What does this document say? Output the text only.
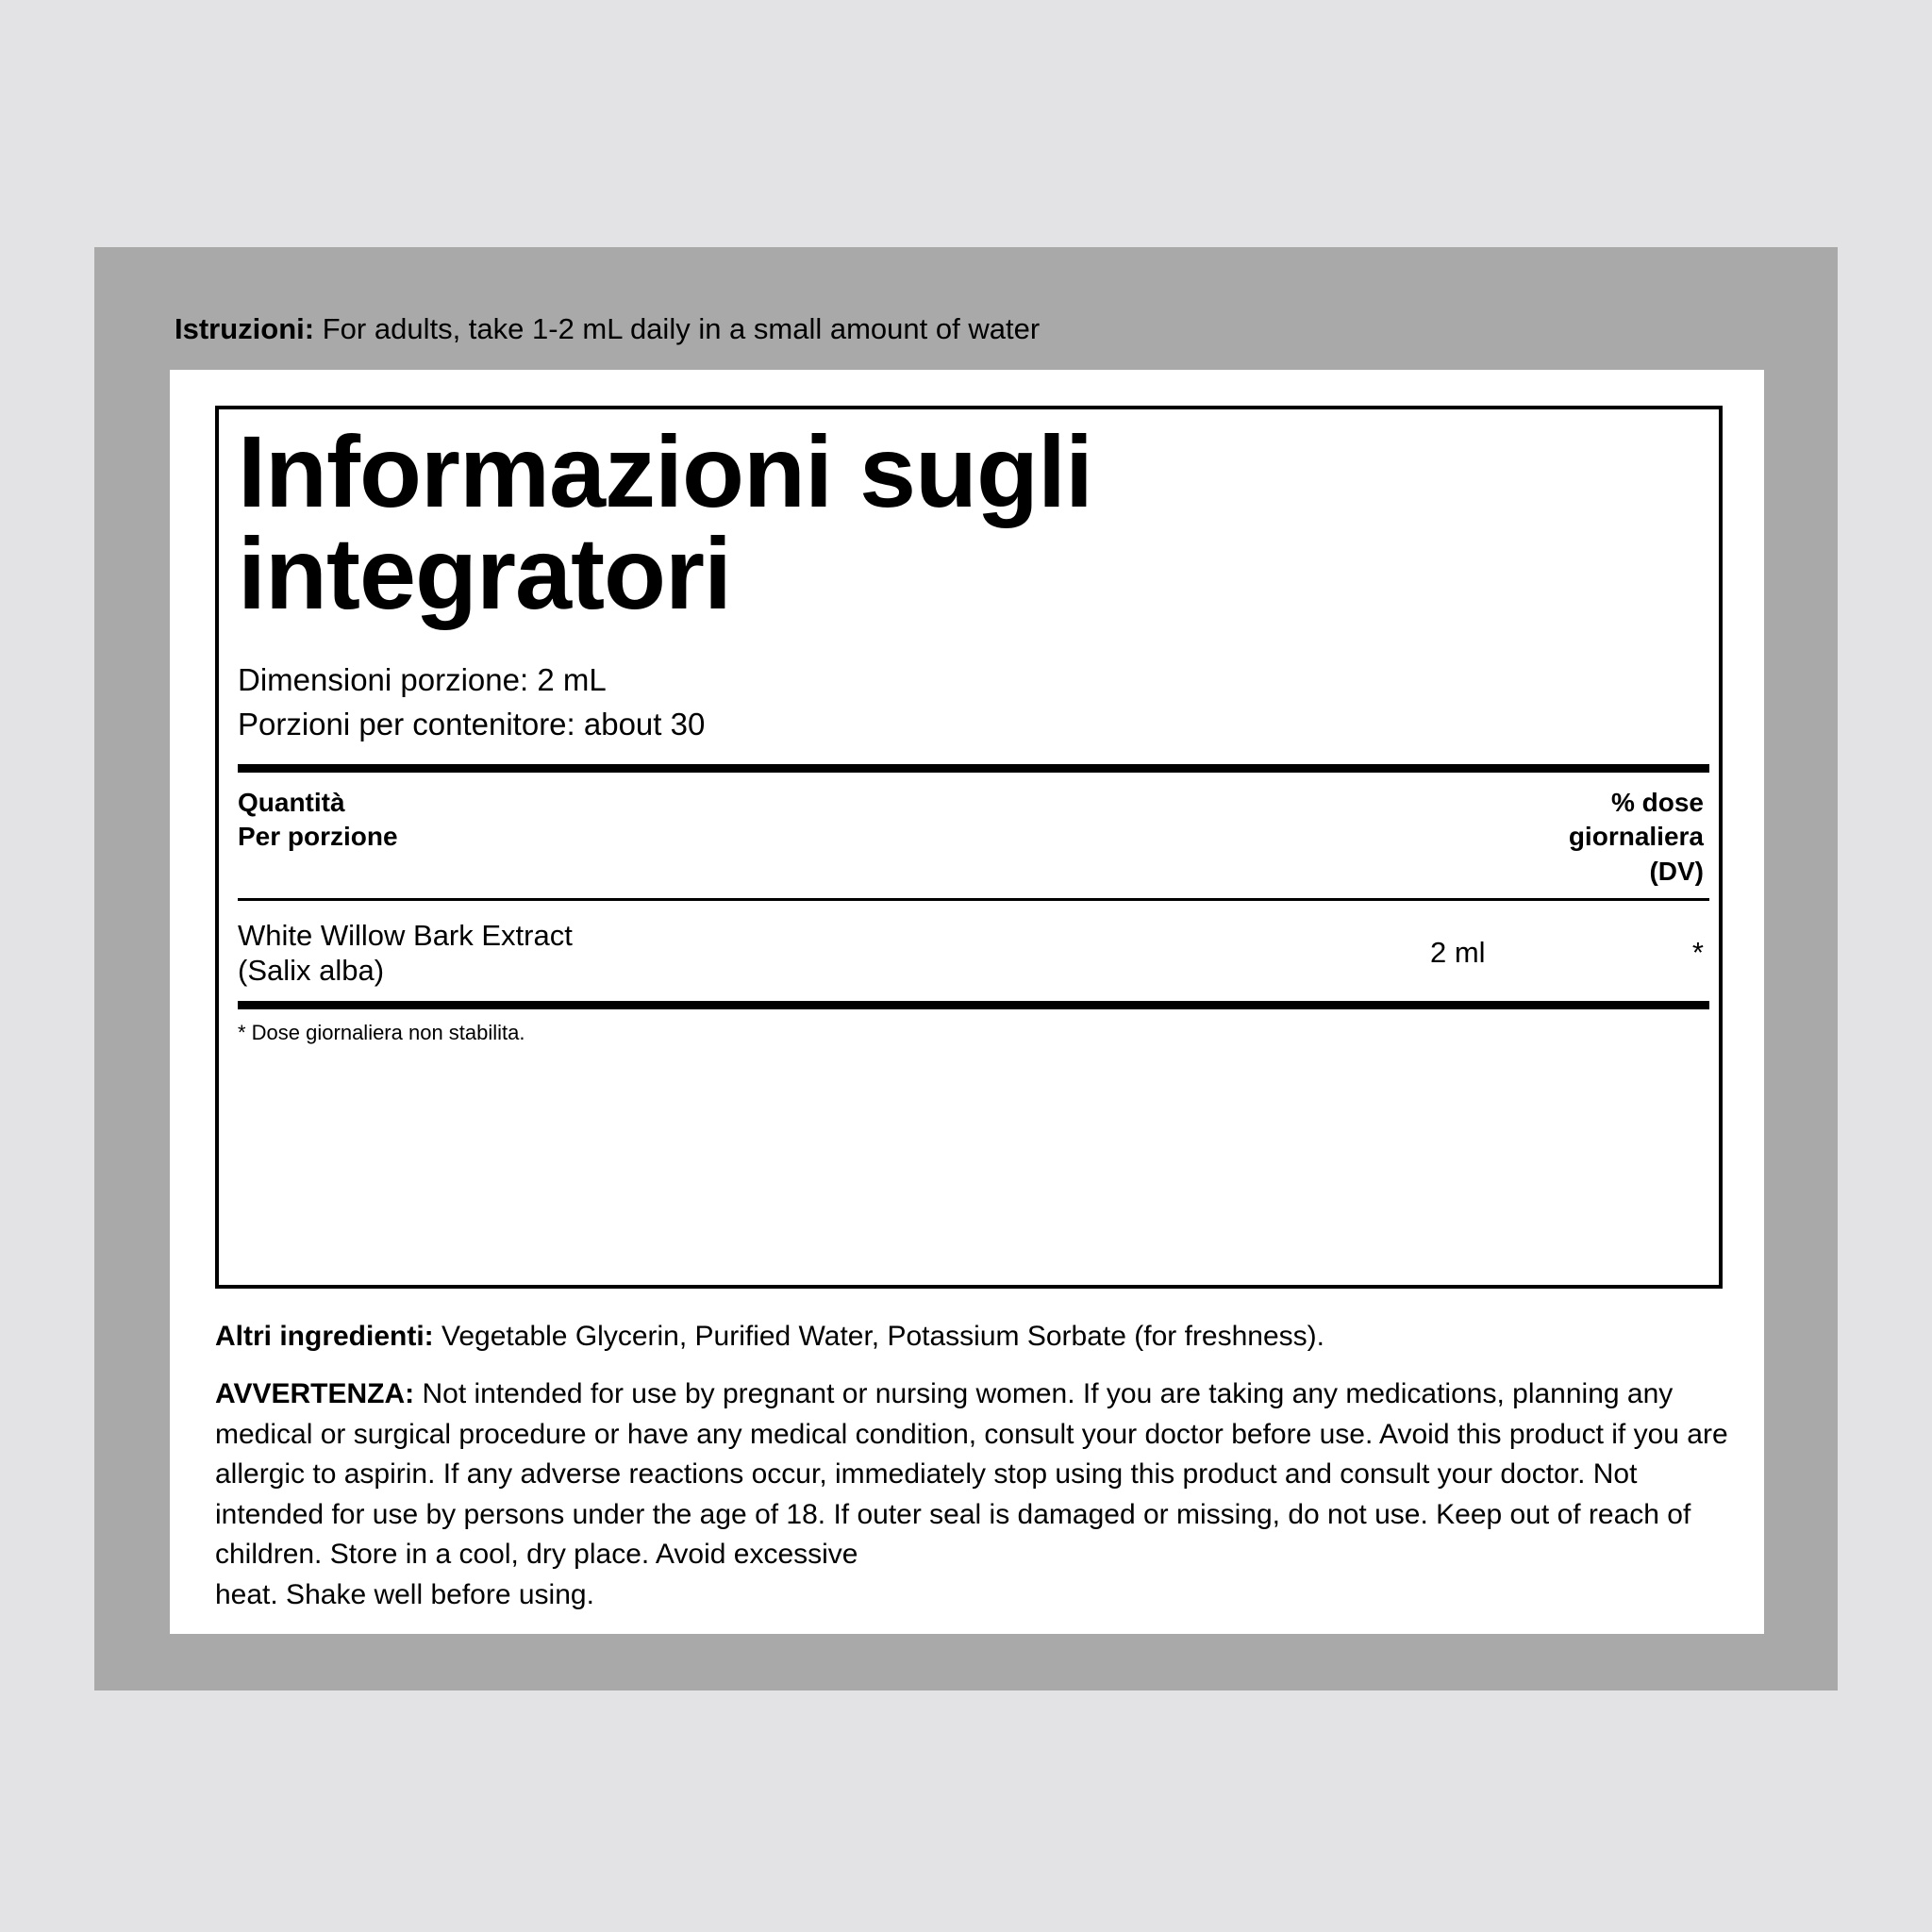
Istruzioni: For adults, take 1-2 mL daily in a small amount of water
Informazioni sugli integratori
Dimensioni porzione: 2 mL
Porzioni per contenitore: about 30
Quantità
Per porzione
% dose
giornaliera
(DV)
White Willow Bark Extract
(Salix alba)
2 ml	*
* Dose giornaliera non stabilita.
Altri ingredienti: Vegetable Glycerin, Purified Water, Potassium Sorbate (for freshness).
AVVERTENZA: Not intended for use by pregnant or nursing women. If you are taking any medications, planning any medical or surgical procedure or have any medical condition, consult your doctor before use. Avoid this product if you are allergic to aspirin. If any adverse reactions occur, immediately stop using this product and consult your doctor. Not intended for use by persons under the age of 18. If outer seal is damaged or missing, do not use. Keep out of reach of children. Store in a cool, dry place. Avoid excessive
heat. Shake well before using.
